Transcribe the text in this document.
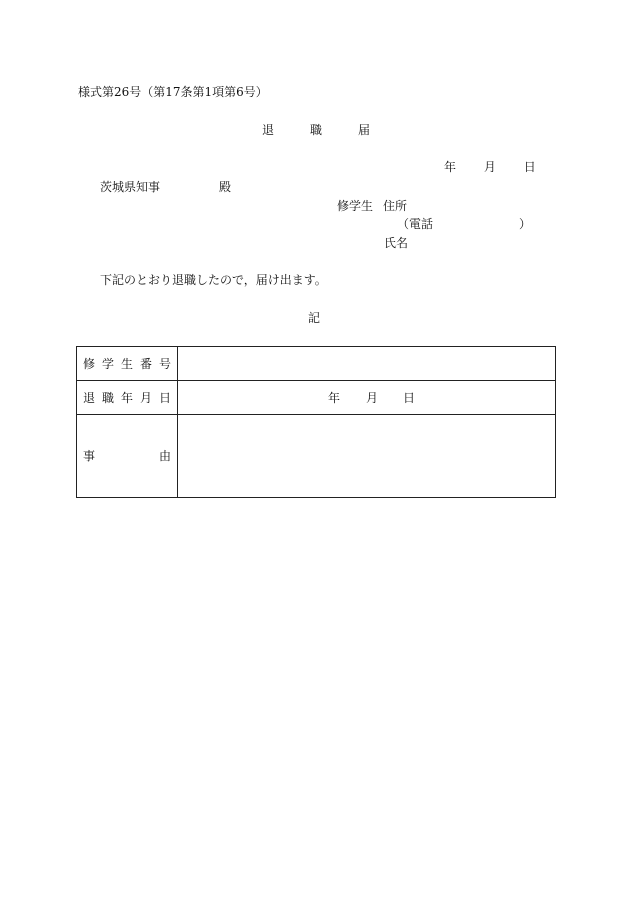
様式第26号（第17条第1項第6号）
退	職	届
年 月 日
茨城県知事	殿
修学生 住所
（電話	）
氏名
下記のとおり退職したので，届け出ます。
記
修 学 生 番 号	

退 職 年 月 日	年 月 日

事 由	
